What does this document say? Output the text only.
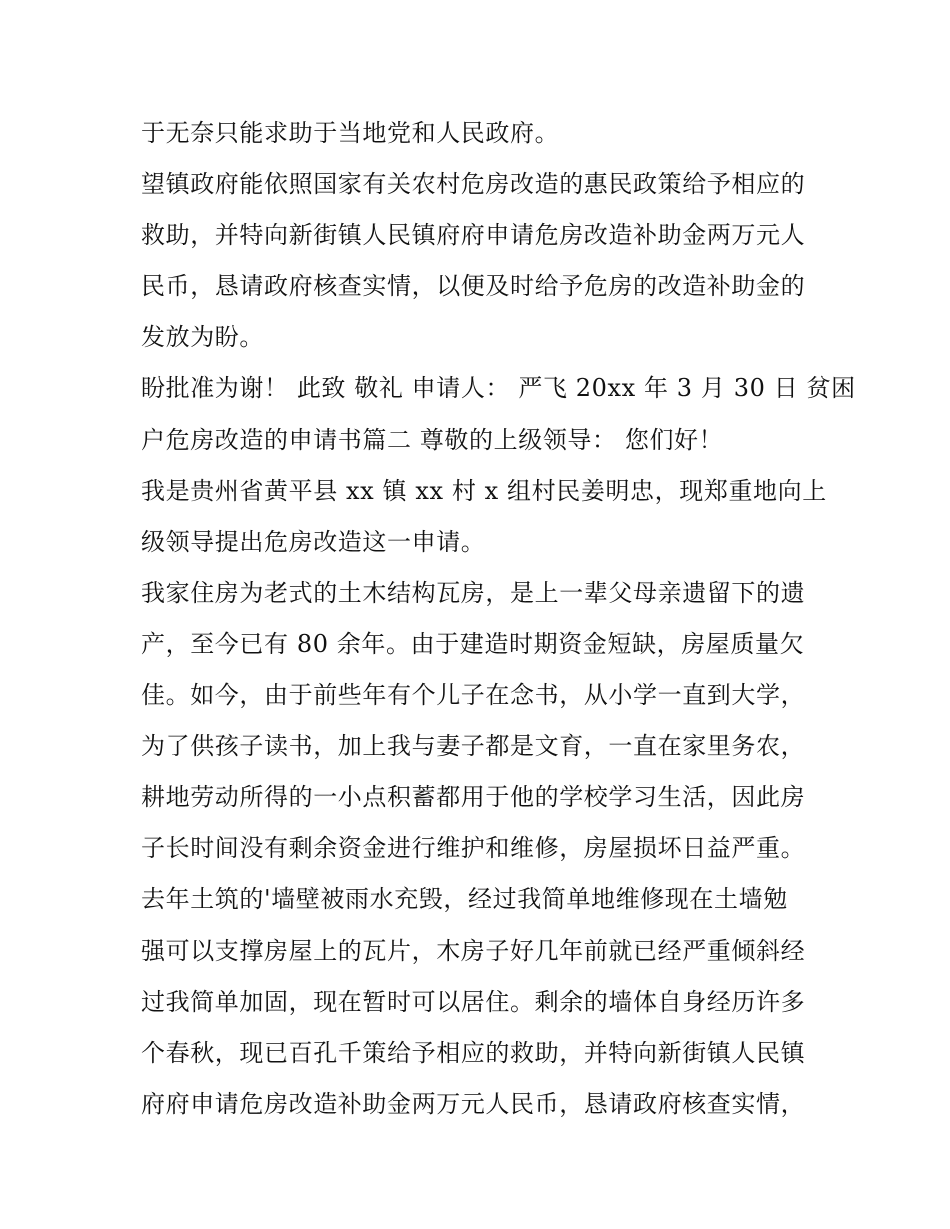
于无奈只能求助于当地党和人民政府。
望镇政府能依照国家有关农村危房改造的惠民政策给予相应的
救助，并特向新街镇人民镇府府申请危房改造补助金两万元人
民币，恳请政府核查实情，以便及时给予危房的改造补助金的
发放为盼。
盼批准为谢！ 此致 敬礼 申请人： 严飞 20xx 年 3 月 30 日 贫困
户危房改造的申请书篇二 尊敬的上级领导： 您们好！
我是贵州省黄平县 xx 镇 xx 村 x 组村民姜明忠，现郑重地向上
级领导提出危房改造这一申请。
我家住房为老式的土木结构瓦房，是上一辈父母亲遗留下的遗
产，至今已有 80 余年。由于建造时期资金短缺，房屋质量欠
佳。如今，由于前些年有个儿子在念书，从小学一直到大学，
为了供孩子读书，加上我与妻子都是文育，一直在家里务农，
耕地劳动所得的一小点积蓄都用于他的学校学习生活，因此房
子长时间没有剩余资金进行维护和维修，房屋损坏日益严重。
去年土筑的'墙壁被雨水充毁，经过我简单地维修现在土墙勉
强可以支撑房屋上的瓦片，木房子好几年前就已经严重倾斜经
过我简单加固，现在暂时可以居住。剩余的墙体自身经历许多
个春秋，现已百孔千策给予相应的救助，并特向新街镇人民镇
府府申请危房改造补助金两万元人民币，恳请政府核查实情，
